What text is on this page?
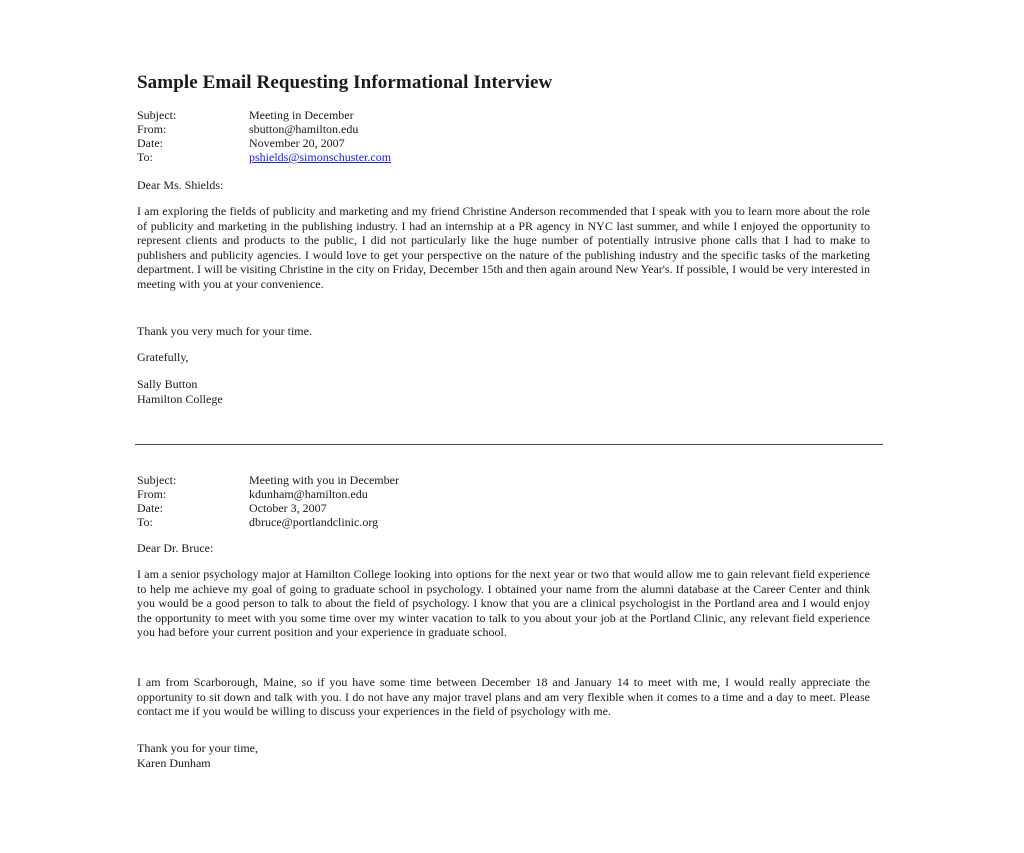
Sample Email Requesting Informational Interview
Subject:	Meeting in December
From:	sbutton@hamilton.edu
Date:	November 20, 2007
To:	pshields@simonschuster.com
Dear Ms. Shields:

I am exploring the fields of publicity and marketing and my friend Christine Anderson recommended that I speak with you to learn more about the role of publicity and marketing in the publishing industry. I had an internship at a PR agency in NYC last summer, and while I enjoyed the opportunity to represent clients and products to the public, I did not particularly like the huge number of potentially intrusive phone calls that I had to make to publishers and publicity agencies. I would love to get your perspective on the nature of the publishing industry and the specific tasks of the marketing department. I will be visiting Christine in the city on Friday, December 15th and then again around New Year's. If possible, I would be very interested in meeting with you at your convenience.

Thank you very much for your time.
Gratefully,
Sally Button
Hamilton College
Subject:	Meeting with you in December
From:	kdunham@hamilton.edu
Date:	October 3, 2007
To:	dbruce@portlandclinic.org
Dear Dr. Bruce:

I am a senior psychology major at Hamilton College looking into options for the next year or two that would allow me to gain relevant field experience to help me achieve my goal of going to graduate school in psychology. I obtained your name from the alumni database at the Career Center and think you would be a good person to talk to about the field of psychology. I know that you are a clinical psychologist in the Portland area and I would enjoy the opportunity to meet with you some time over my winter vacation to talk to you about your job at the Portland Clinic, any relevant field experience you had before your current position and your experience in graduate school.

I am from Scarborough, Maine, so if you have some time between December 18 and January 14 to meet with me, I would really appreciate the opportunity to sit down and talk with you. I do not have any major travel plans and am very flexible when it comes to a time and a day to meet. Please contact me if you would be willing to discuss your experiences in the field of psychology with me.

Thank you for your time,
Karen Dunham
